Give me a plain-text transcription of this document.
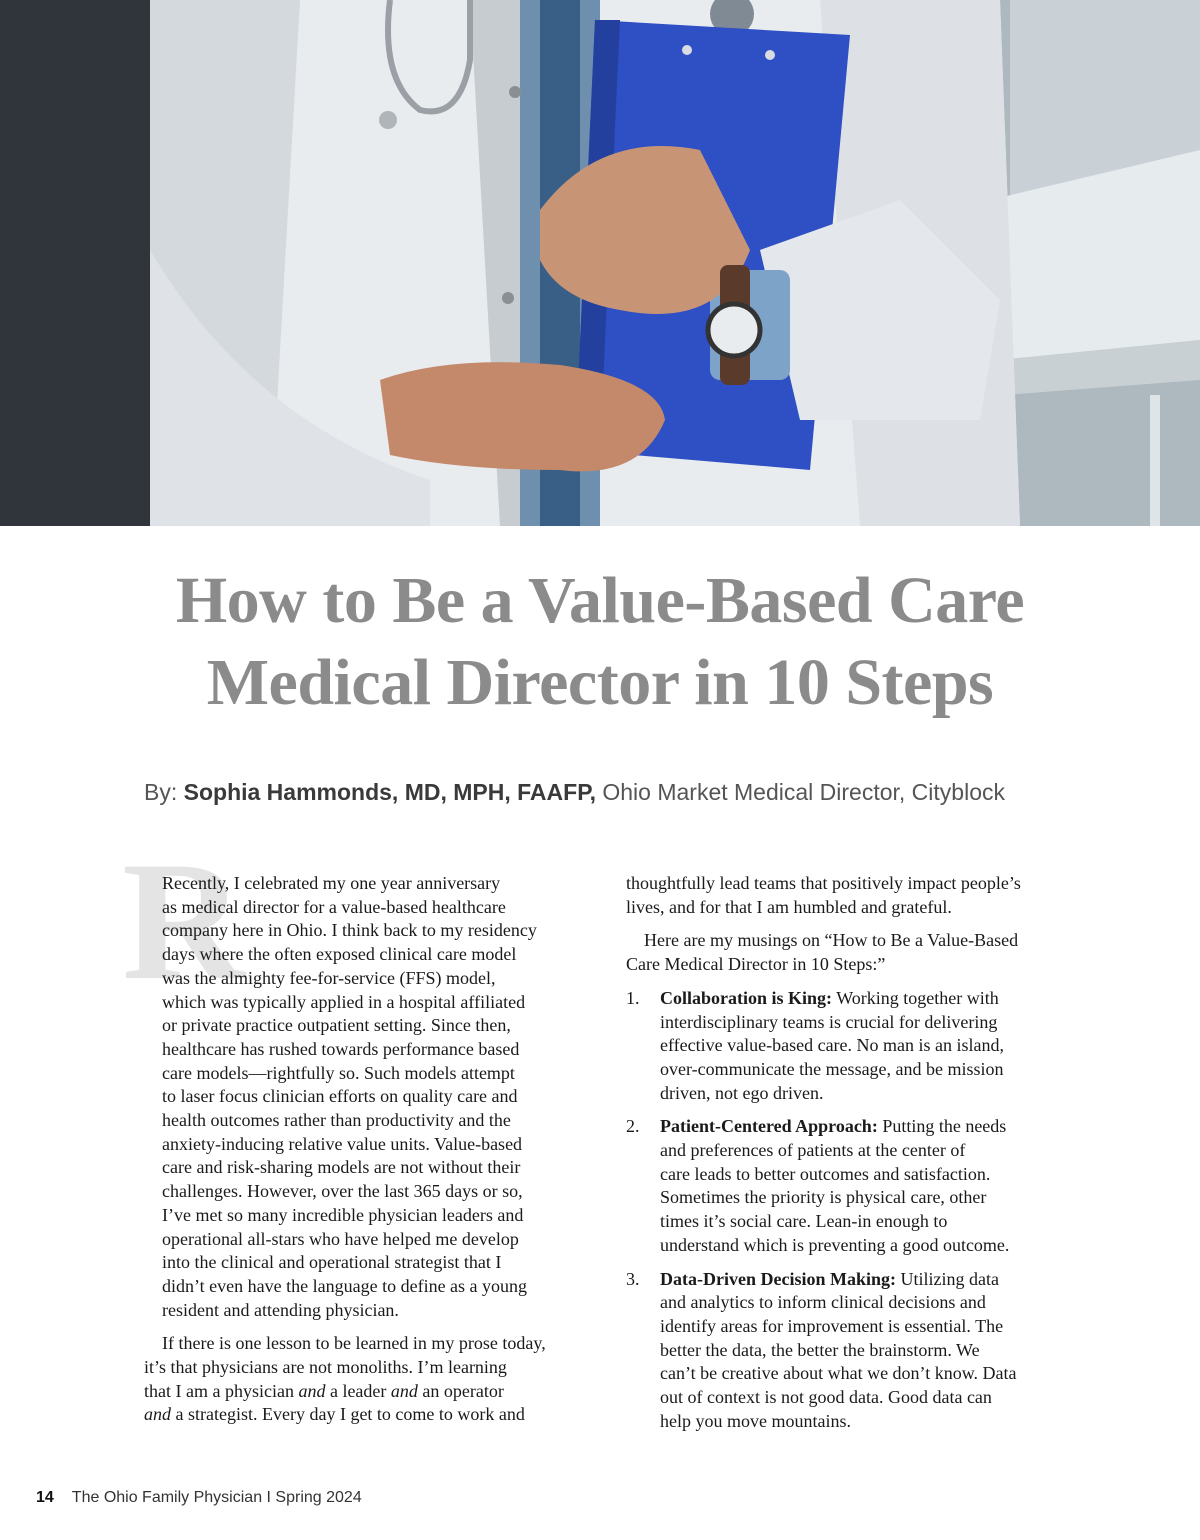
How to Be a Value-Based Care
Medical Director in 10 Steps

By: Sophia Hammonds, MD, MPH, FAAFP, Ohio Market Medical Director, Cityblock

R

Recently, I celebrated my one year anniversary
as medical director for a value-based healthcare
company here in Ohio. I think back to my residency
days where the often exposed clinical care model
was the almighty fee-for-service (FFS) model,
which was typically applied in a hospital affiliated
or private practice outpatient setting. Since then,
healthcare has rushed towards performance based
care models—rightfully so. Such models attempt
to laser focus clinician efforts on quality care and
health outcomes rather than productivity and the
anxiety-inducing relative value units. Value-based
care and risk-sharing models are not without their
challenges. However, over the last 365 days or so,
I’ve met so many incredible physician leaders and
operational all-stars who have helped me develop
into the clinical and operational strategist that I
didn’t even have the language to define as a young
resident and attending physician.

If there is one lesson to be learned in my prose today,
it’s that physicians are not monoliths. I’m learning
that I am a physician and a leader and an operator
and a strategist. Every day I get to come to work and

thoughtfully lead teams that positively impact people’s
lives, and for that I am humbled and grateful.

Here are my musings on “How to Be a Value-Based
Care Medical Director in 10 Steps:”

1. Collaboration is King: Working together with
interdisciplinary teams is crucial for delivering
effective value-based care. No man is an island,
over-communicate the message, and be mission
driven, not ego driven.
2. Patient-Centered Approach: Putting the needs
and preferences of patients at the center of
care leads to better outcomes and satisfaction.
Sometimes the priority is physical care, other
times it’s social care. Lean-in enough to
understand which is preventing a good outcome.
3. Data-Driven Decision Making: Utilizing data
and analytics to inform clinical decisions and
identify areas for improvement is essential. The
better the data, the better the brainstorm. We
can’t be creative about what we don’t know. Data
out of context is not good data. Good data can
help you move mountains.
14 The Ohio Family Physician I Spring 2024
